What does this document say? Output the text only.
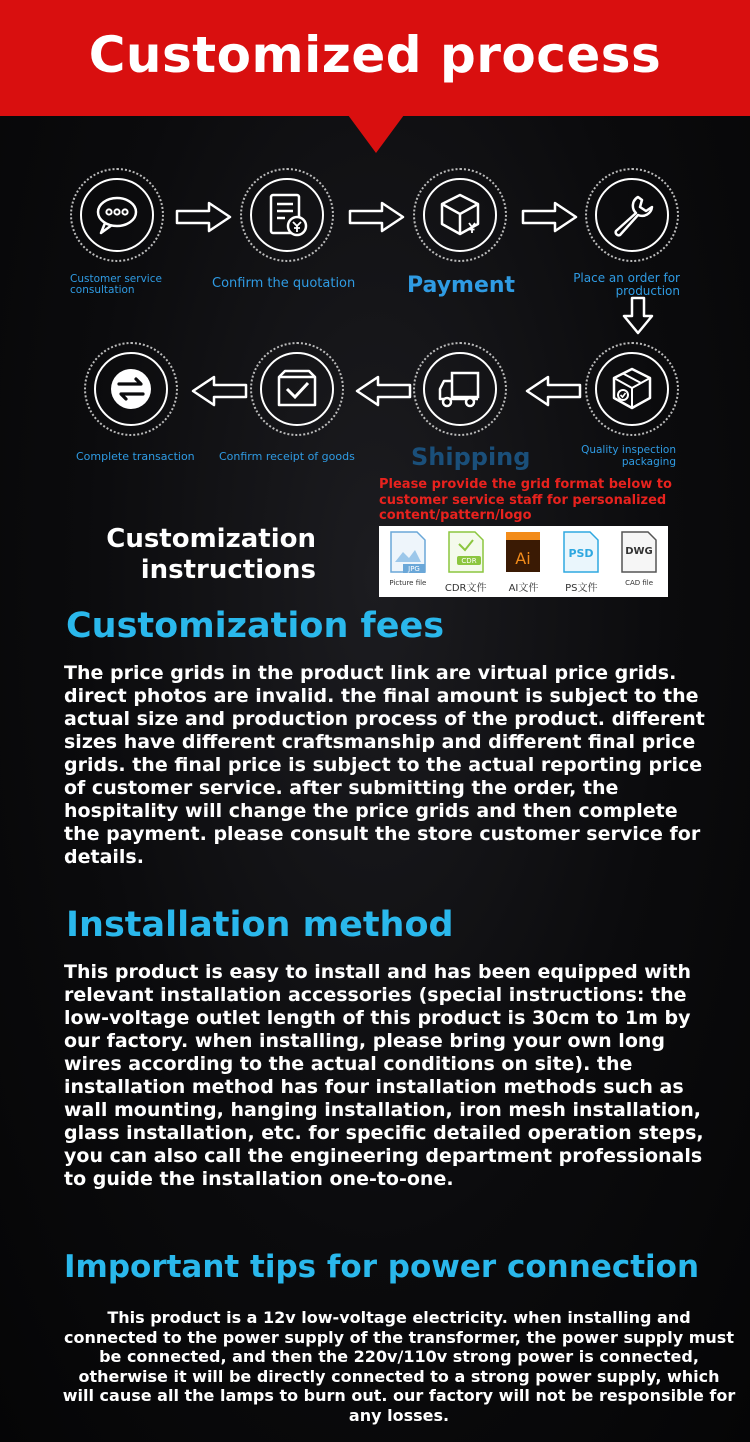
Customized process
Customer service consultation	Confirm the quotation	Payment	Place an order for production
Quality inspection packaging
Shipping
Confirm receipt of goods
Complete transaction
Please provide the grid format below to customer service staff for personalized content/pattern/logo
Customization instructions	JPG
Picture file
CDR
CDR文件
Ai
AI文件
PSD
PS文件
DWG
CAD file
Customization fees
The price grids in the product link are virtual price grids. direct photos are invalid. the final amount is subject to the actual size and production process of the product. different sizes have different craftsmanship and different final price grids. the final price is subject to the actual reporting price of customer service. after submitting the order, the hospitality will change the price grids and then complete the payment. please consult the store customer service for details.
Installation method
This product is easy to install and has been equipped with relevant installation accessories (special instructions: the low-voltage outlet length of this product is 30cm to 1m by our factory. when installing, please bring your own long wires according to the actual conditions on site). the installation method has four installation methods such as wall mounting, hanging installation, iron mesh installation, glass installation, etc. for specific detailed operation steps, you can also call the engineering department professionals to guide the installation one-to-one.
Important tips for power connection
This product is a 12v low-voltage electricity. when installing and connected to the power supply of the transformer, the power supply must be connected, and then the 220v/110v strong power is connected, otherwise it will be directly connected to a strong power supply, which will cause all the lamps to burn out. our factory will not be responsible for any losses.
